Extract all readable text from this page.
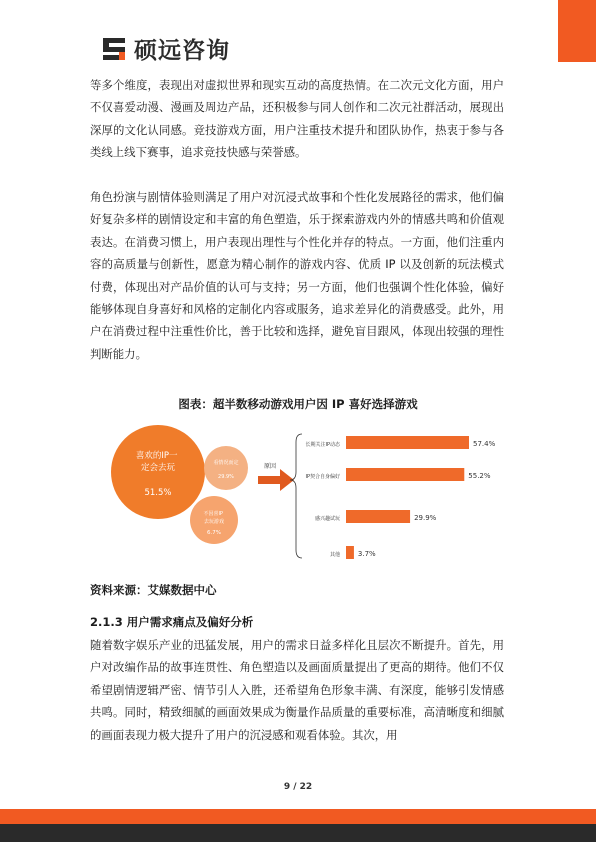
硕远咨询

等多个维度，表现出对虚拟世界和现实互动的高度热情。在二次元文化方面，用户不仅喜爱动漫、漫画及周边产品，还积极参与同人创作和二次元社群活动，展现出深厚的文化认同感。竞技游戏方面，用户注重技术提升和团队协作，热衷于参与各类线上线下赛事，追求竞技快感与荣誉感。

角色扮演与剧情体验则满足了用户对沉浸式故事和个性化发展路径的需求，他们偏好复杂多样的剧情设定和丰富的角色塑造，乐于探索游戏内外的情感共鸣和价值观表达。在消费习惯上，用户表现出理性与个性化并存的特点。一方面，他们注重内容的高质量与创新性，愿意为精心制作的游戏内容、优质 IP 以及创新的玩法模式付费，体现出对产品价值的认可与支持；另一方面，他们也强调个性化体验，偏好能够体现自身喜好和风格的定制化内容或服务，追求差异化的消费感受。此外，用户在消费过程中注重性价比，善于比较和选择，避免盲目跟风，体现出较强的理性判断能力。

图表：超半数移动游戏用户因 IP 喜好选择游戏

喜欢的IP一 定会去玩
51.5%
看情况而定
29.9%
不因喜IP 去玩游戏
6.7%
原因
长期关注IP动态	57.4%
IP契合自身偏好	55.2%
感兴趣试玩	29.9%
其他	3.7%

资料来源：艾媒数据中心

2.1.3 用户需求痛点及偏好分析

随着数字娱乐产业的迅猛发展，用户的需求日益多样化且层次不断提升。首先，用户对改编作品的故事连贯性、角色塑造以及画面质量提出了更高的期待。他们不仅希望剧情逻辑严密、情节引人入胜，还希望角色形象丰满、有深度，能够引发情感共鸣。同时，精致细腻的画面效果成为衡量作品质量的重要标准，高清晰度和细腻的画面表现力极大提升了用户的沉浸感和观看体验。其次，用

9 / 22
